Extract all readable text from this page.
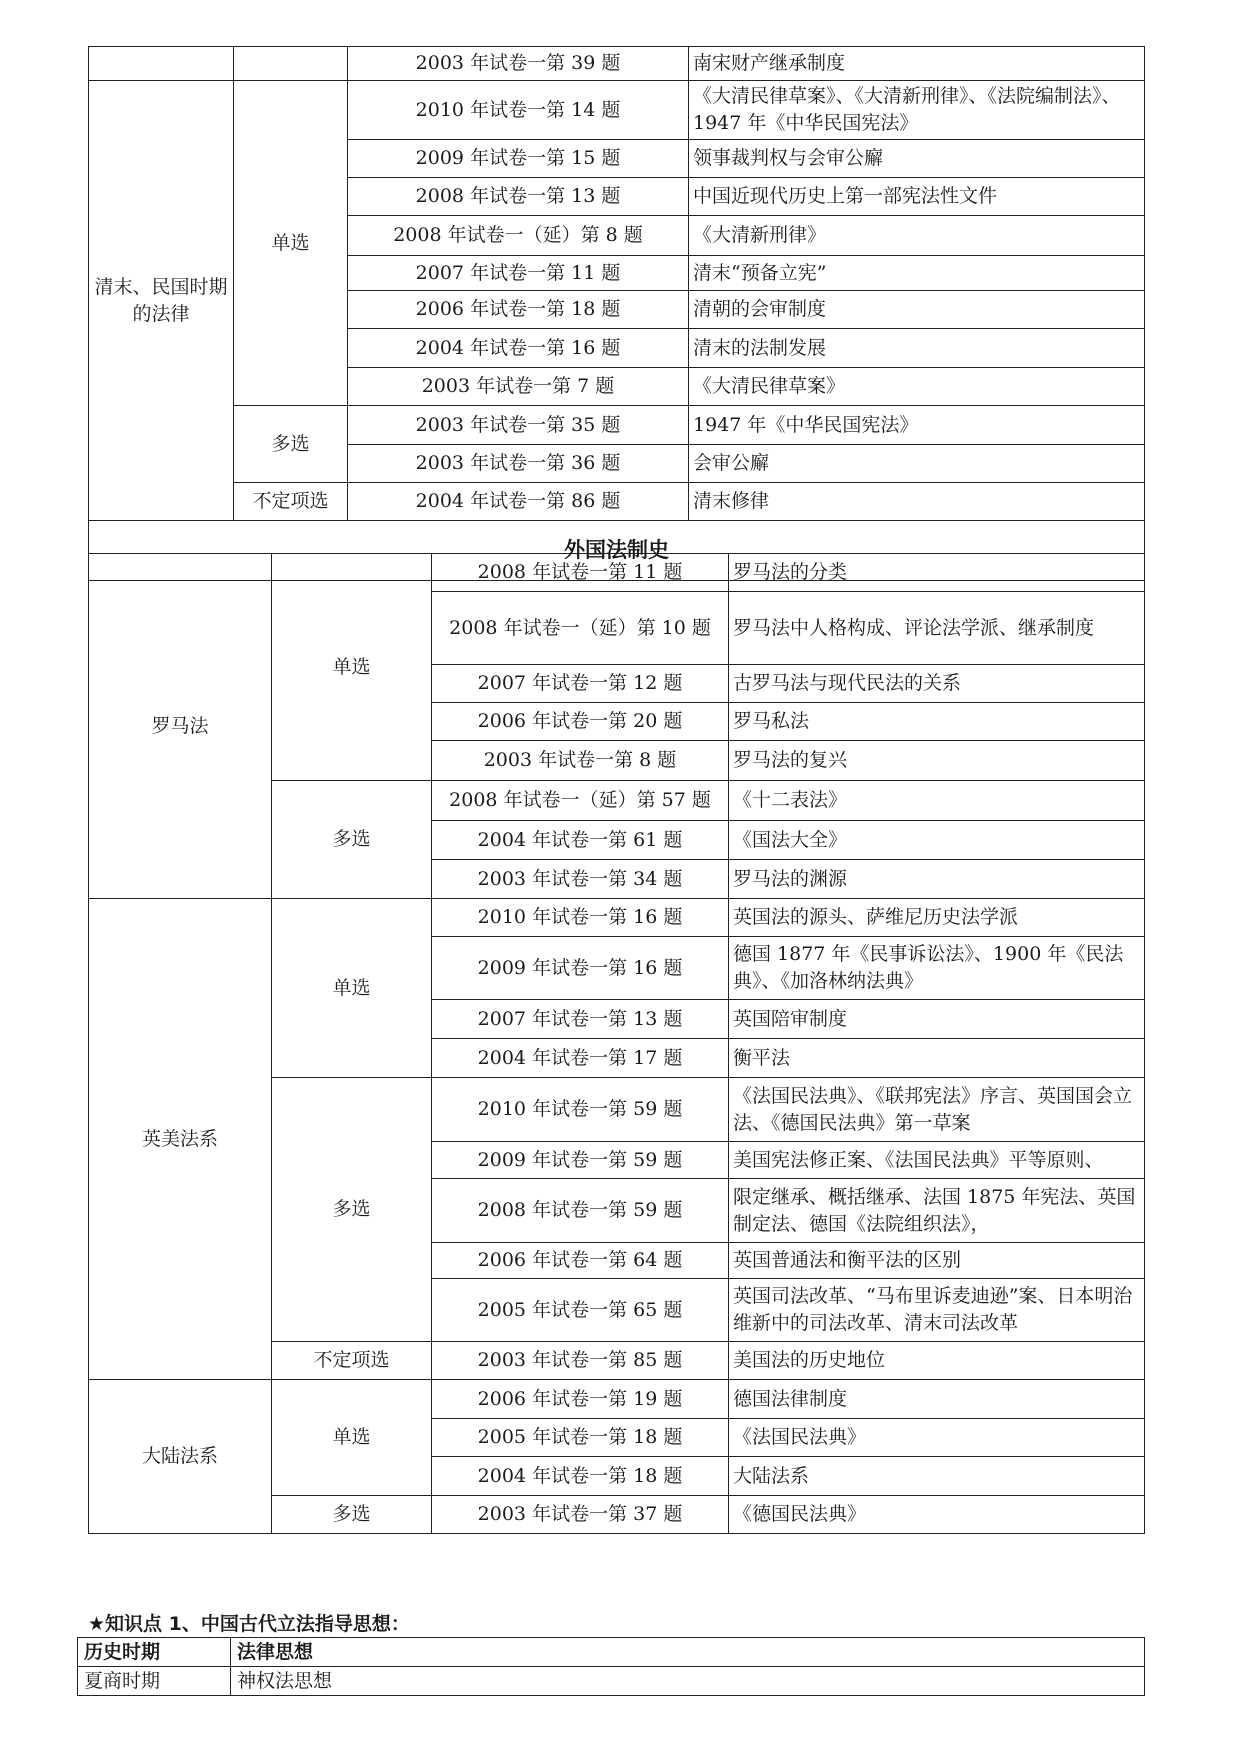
		2003 年试卷一第 39 题	南宋财产继承制度
清末、民国时期的法律	单选	2010 年试卷一第 14 题	《大清民律草案》、《大清新刑律》、《法院编制法》、1947 年《中华民国宪法》
		2009 年试卷一第 15 题	领事裁判权与会审公廨
		2008 年试卷一第 13 题	中国近现代历史上第一部宪法性文件
		2008 年试卷一（延）第 8 题	《大清新刑律》
		2007 年试卷一第 11 题	清末“预备立宪”
		2006 年试卷一第 18 题	清朝的会审制度
		2004 年试卷一第 16 题	清末的法制发展
		2003 年试卷一第 7 题	《大清民律草案》
	多选	2003 年试卷一第 35 题	1947 年《中华民国宪法》
		2003 年试卷一第 36 题	会审公廨
	不定项选	2004 年试卷一第 86 题	清末修律
外国法制史			
罗马法	单选	2008 年试卷一第 11 题	罗马法的分类
		2008 年试卷一（延）第 10 题	罗马法中人格构成、评论法学派、继承制度
		2007 年试卷一第 12 题	古罗马法与现代民法的关系
		2006 年试卷一第 20 题	罗马私法
		2003 年试卷一第 8 题	罗马法的复兴
	多选	2008 年试卷一（延）第 57 题	《十二表法》
		2004 年试卷一第 61 题	《国法大全》
		2003 年试卷一第 34 题	罗马法的渊源
英美法系	单选	2010 年试卷一第 16 题	英国法的源头、萨维尼历史法学派
		2009 年试卷一第 16 题	德国 1877 年《民事诉讼法》、1900 年《民法典》、《加洛林纳法典》
		2007 年试卷一第 13 题	英国陪审制度
		2004 年试卷一第 17 题	衡平法
	多选	2010 年试卷一第 59 题	《法国民法典》、《联邦宪法》序言、英国国会立法、《德国民法典》第一草案
		2009 年试卷一第 59 题	美国宪法修正案、《法国民法典》平等原则、
		2008 年试卷一第 59 题	限定继承、概括继承、法国 1875 年宪法、英国制定法、德国《法院组织法》，
		2006 年试卷一第 64 题	英国普通法和衡平法的区别
		2005 年试卷一第 65 题	英国司法改革、“马布里诉麦迪逊”案、日本明治维新中的司法改革、清末司法改革
	不定项选	2003 年试卷一第 85 题	美国法的历史地位
大陆法系	单选	2006 年试卷一第 19 题	德国法律制度
		2005 年试卷一第 18 题	《法国民法典》
		2004 年试卷一第 18 题	大陆法系
	多选	2003 年试卷一第 37 题	《德国民法典》
★知识点 1、中国古代立法指导思想：
历史时期	法律思想
夏商时期	神权法思想
